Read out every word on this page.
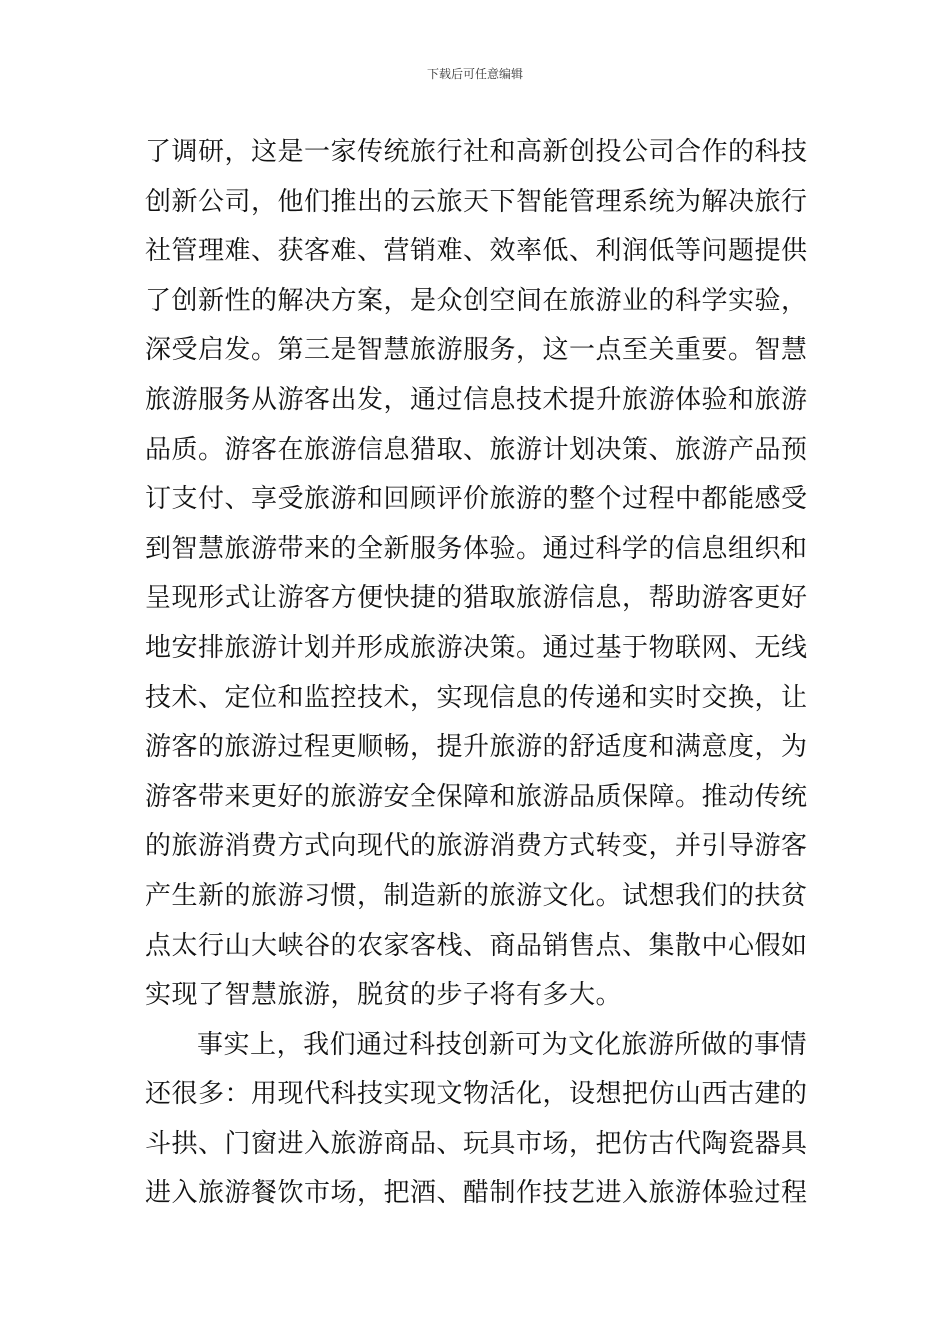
下载后可任意编辑
了调研，这是一家传统旅行社和高新创投公司合作的科技
创新公司，他们推出的云旅天下智能管理系统为解决旅行
社管理难、获客难、营销难、效率低、利润低等问题提供
了创新性的解决方案，是众创空间在旅游业的科学实验，
深受启发。第三是智慧旅游服务，这一点至关重要。智慧
旅游服务从游客出发，通过信息技术提升旅游体验和旅游
品质。游客在旅游信息猎取、旅游计划决策、旅游产品预
订支付、享受旅游和回顾评价旅游的整个过程中都能感受
到智慧旅游带来的全新服务体验。通过科学的信息组织和
呈现形式让游客方便快捷的猎取旅游信息，帮助游客更好
地安排旅游计划并形成旅游决策。通过基于物联网、无线
技术、定位和监控技术，实现信息的传递和实时交换，让
游客的旅游过程更顺畅，提升旅游的舒适度和满意度，为
游客带来更好的旅游安全保障和旅游品质保障。推动传统
的旅游消费方式向现代的旅游消费方式转变，并引导游客
产生新的旅游习惯，制造新的旅游文化。试想我们的扶贫
点太行山大峡谷的农家客栈、商品销售点、集散中心假如
实现了智慧旅游，脱贫的步子将有多大。
事实上，我们通过科技创新可为文化旅游所做的事情
还很多：用现代科技实现文物活化，设想把仿山西古建的
斗拱、门窗进入旅游商品、玩具市场，把仿古代陶瓷器具
进入旅游餐饮市场，把酒、醋制作技艺进入旅游体验过程
